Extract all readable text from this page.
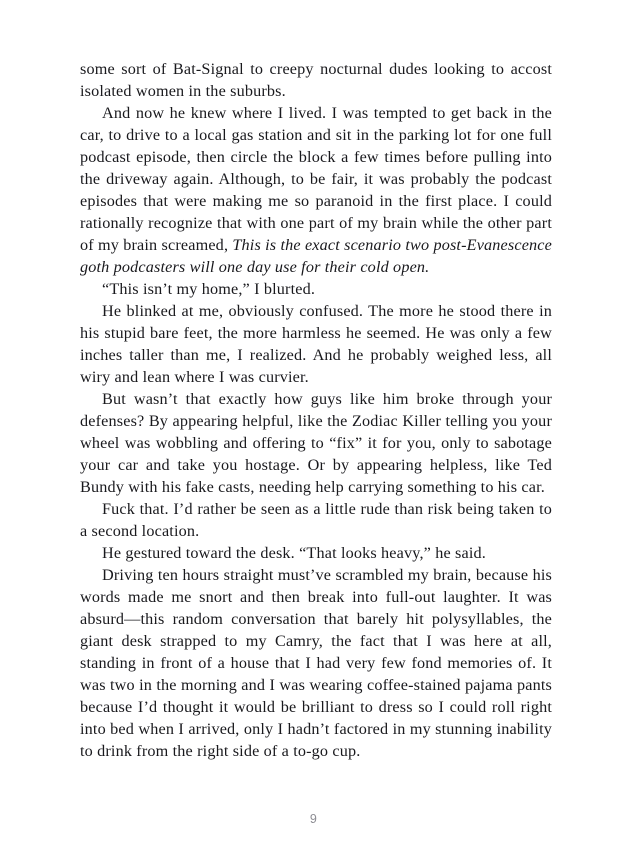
some sort of Bat-Signal to creepy nocturnal dudes looking to accost isolated women in the suburbs.

And now he knew where I lived. I was tempted to get back in the car, to drive to a local gas station and sit in the parking lot for one full podcast episode, then circle the block a few times before pulling into the driveway again. Although, to be fair, it was probably the podcast episodes that were making me so paranoid in the first place. I could rationally recognize that with one part of my brain while the other part of my brain screamed, This is the exact scenario two post-Evanescence goth podcasters will one day use for their cold open.

“This isn’t my home,” I blurted.

He blinked at me, obviously confused. The more he stood there in his stupid bare feet, the more harmless he seemed. He was only a few inches taller than me, I realized. And he probably weighed less, all wiry and lean where I was curvier.

But wasn’t that exactly how guys like him broke through your defenses? By appearing helpful, like the Zodiac Killer telling you your wheel was wobbling and offering to “fix” it for you, only to sabotage your car and take you hostage. Or by appearing helpless, like Ted Bundy with his fake casts, needing help carrying something to his car.

Fuck that. I’d rather be seen as a little rude than risk being taken to a second location.

He gestured toward the desk. “That looks heavy,” he said.

Driving ten hours straight must’ve scrambled my brain, because his words made me snort and then break into full-out laughter. It was absurd—this random conversation that barely hit polysyllables, the giant desk strapped to my Camry, the fact that I was here at all, standing in front of a house that I had very few fond memories of. It was two in the morning and I was wearing coffee-stained pajama pants because I’d thought it would be brilliant to dress so I could roll right into bed when I arrived, only I hadn’t factored in my stunning inability to drink from the right side of a to-go cup.

9
